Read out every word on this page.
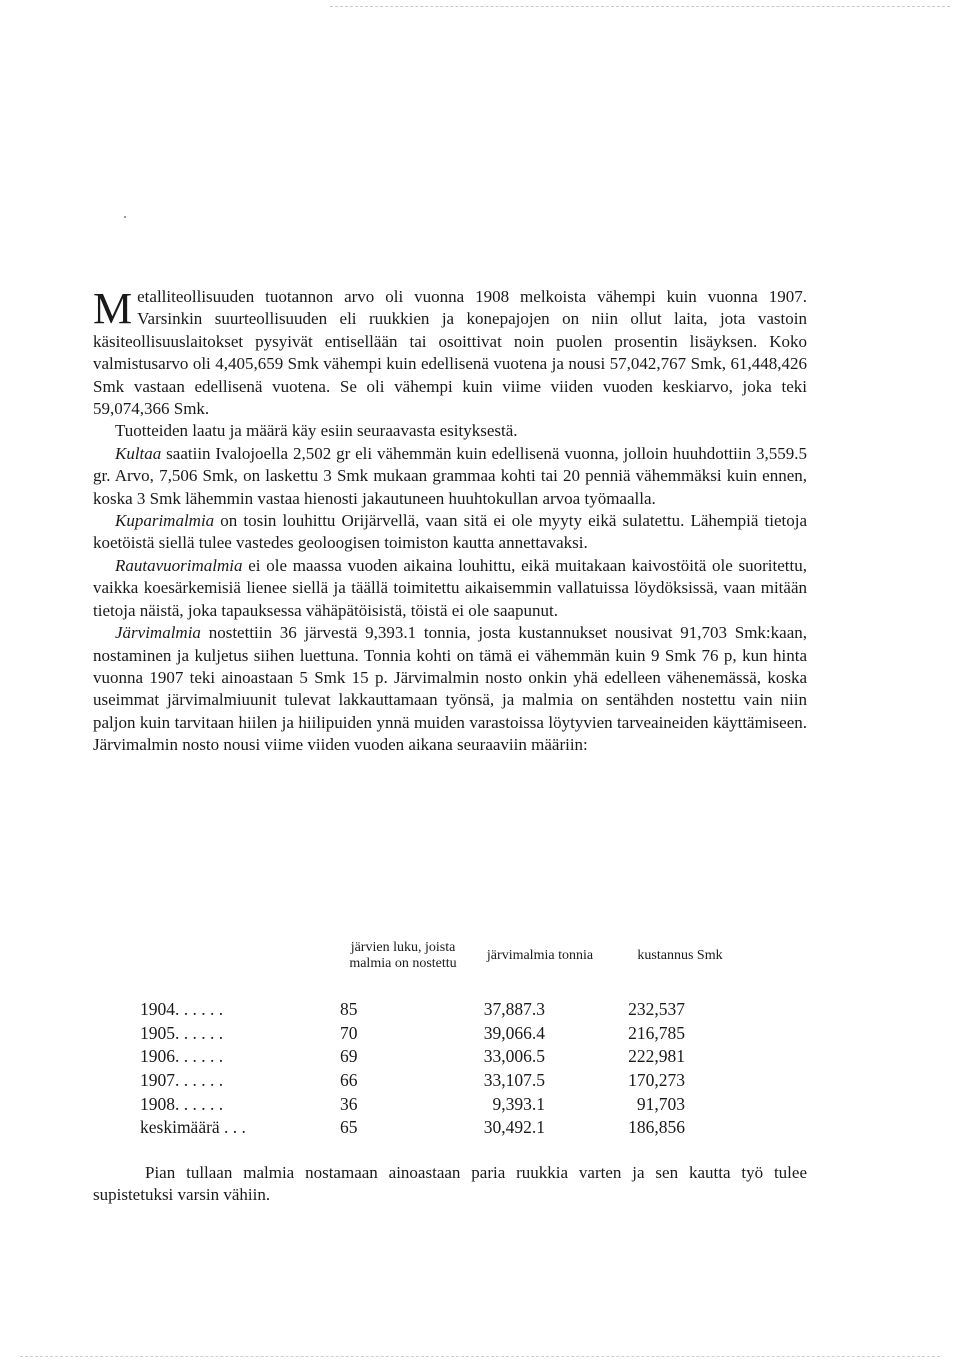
Metalliteollisuuden tuotannon arvo oli vuonna 1908 melkoista vähempi kuin vuonna 1907. Varsinkin suurteollisuuden eli ruukkien ja konepajojen on niin ollut laita, jota vastoin käsiteollisuuslaitokset pysyivät entisellään tai osoittivat noin puolen prosentin lisäyksen. Koko valmistusarvo oli 4,405,659 Smk vähempi kuin edellisenä vuotena ja nousi 57,042,767 Smk, 61,448,426 Smk vastaan edellisenä vuotena. Se oli vähempi kuin viime viiden vuoden keskiarvo, joka teki 59,074,366 Smk.

Tuotteiden laatu ja määrä käy esiin seuraavasta esityksestä.

Kultaa saatiin Ivalojoella 2,502 gr eli vähemmän kuin edellisenä vuonna, jolloin huuhdottiin 3,559.5 gr. Arvo, 7,506 Smk, on laskettu 3 Smk mukaan grammaa kohti tai 20 penniä vähemmäksi kuin ennen, koska 3 Smk lähemmin vastaa hienosti jakautuneen huuhtokullan arvoa työmaalla.

Kuparimalmia on tosin louhittu Orijärvellä, vaan sitä ei ole myyty eikä sulatettu. Lähempiä tietoja koetöistä siellä tulee vastedes geoloogisen toimiston kautta annettavaksi.

Rautavuorimalmia ei ole maassa vuoden aikaina louhittu, eikä muitakaan kaivostöitä ole suoritettu, vaikka koesärkemisiä lienee siellä ja täällä toimitettu aikaisemmin vallatuissa löydöksissä, vaan mitään tietoja näistä, joka tapauksessa vähäpätöisistä, töistä ei ole saapunut.

Järvimalmia nostettiin 36 järvestä 9,393.1 tonnia, josta kustannukset nousivat 91,703 Smk:kaan, nostaminen ja kuljetus siihen luettuna. Tonnia kohti on tämä ei vähemmän kuin 9 Smk 76 p, kun hinta vuonna 1907 teki ainoastaan 5 Smk 15 p. Järvimalmin nosto onkin yhä edelleen vähenemässä, koska useimmat järvimalmiuunit tulevat lakkauttamaan työnsä, ja malmia on sentähden nostettu vain niin paljon kuin tarvitaan hiilen ja hiilipuiden ynnä muiden varastoissa löytyvien tarveaineiden käyttämiseen. Järvimalmin nosto nousi viime viiden vuoden aikana seuraaviin määriin:

järvien luku, joista malmia on nostettu
järvimalmia tonnia	kustannus Smk
1904. . . . . .	85	37,887.3	232,537
1905. . . . . .	70	39,066.4	216,785
1906. . . . . .	69	33,006.5	222,981
1907. . . . . .	66	33,107.5	170,273
1908. . . . . .	36	9,393.1	91,703
keskimäärä . . .	65	30,492.1	186,856

Pian tullaan malmia nostamaan ainoastaan paria ruukkia varten ja sen kautta työ tulee supistetuksi varsin vähiin.
